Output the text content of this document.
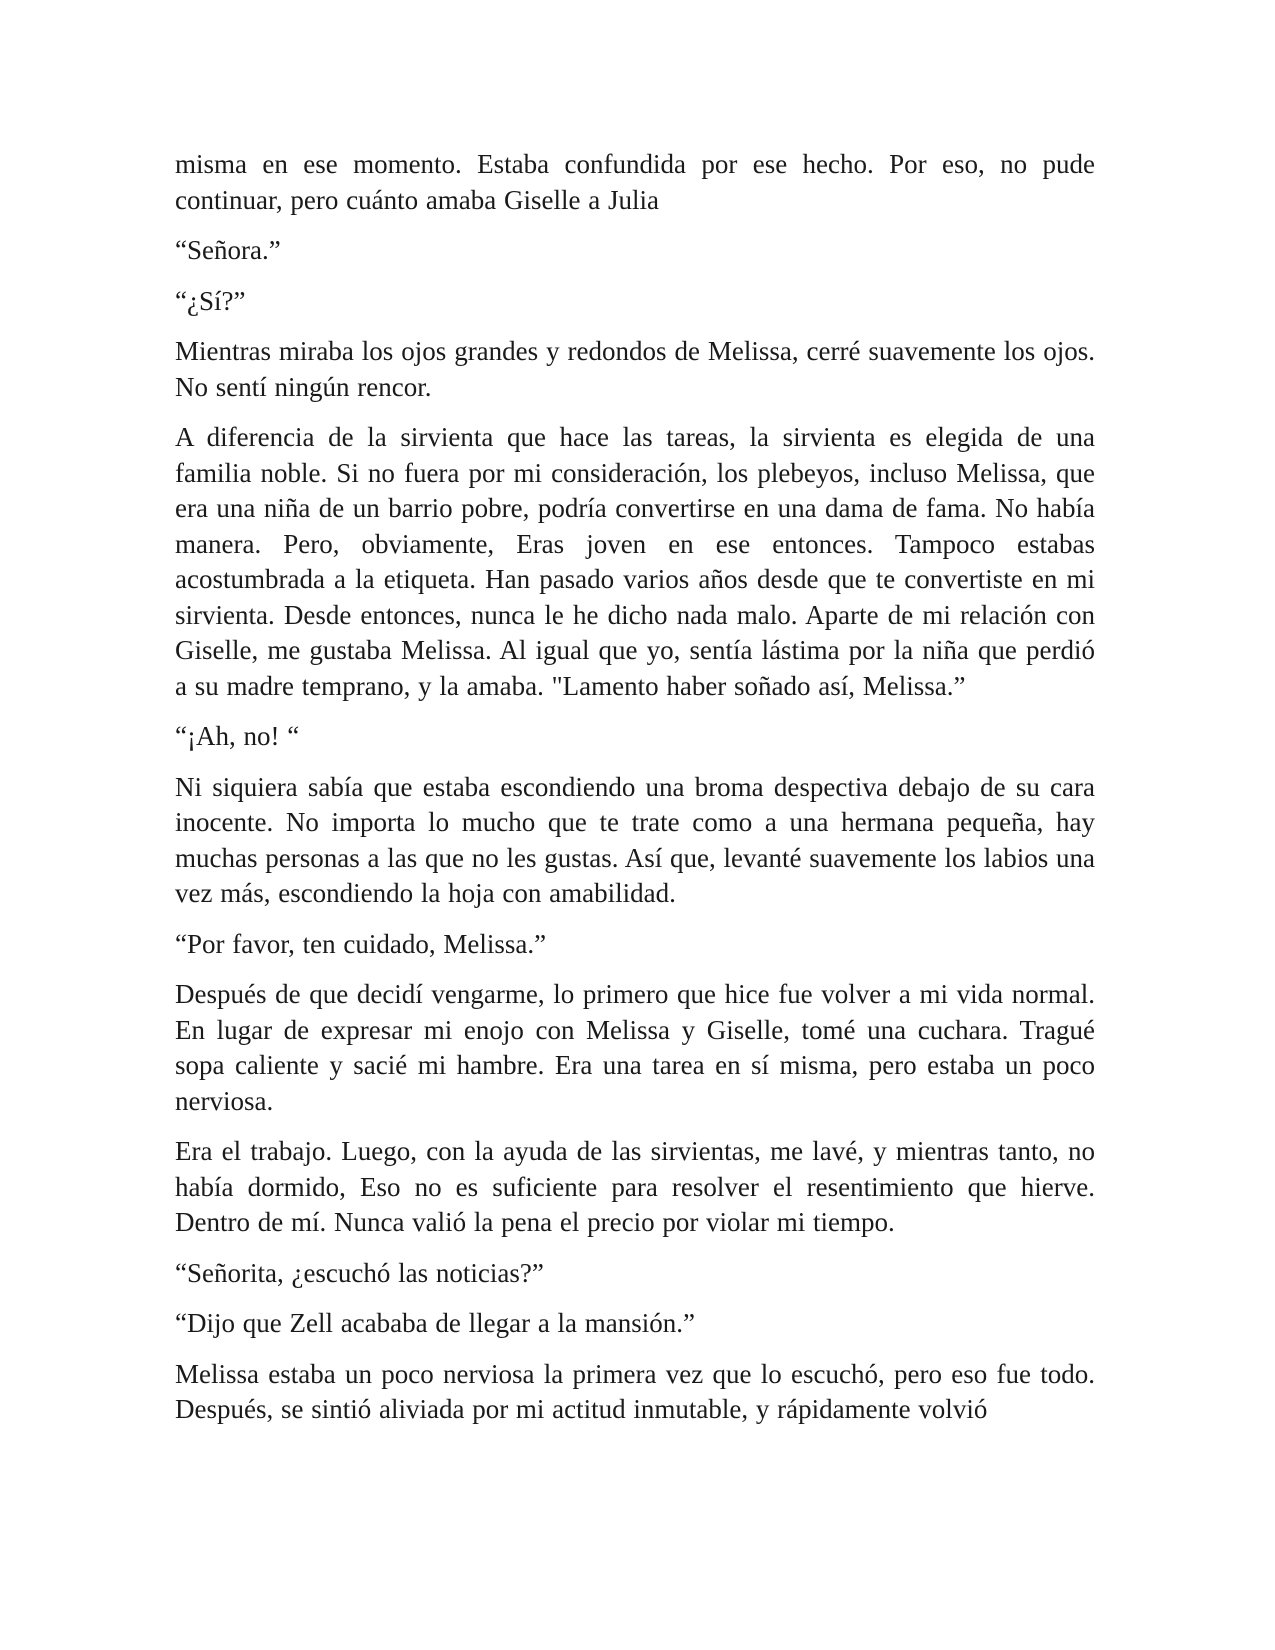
misma en ese momento. Estaba confundida por ese hecho. Por eso, no pude continuar, pero cuánto amaba Giselle a Julia

“Señora.”

“¿Sí?”

Mientras miraba los ojos grandes y redondos de Melissa, cerré suavemente los ojos. No sentí ningún rencor.

A diferencia de la sirvienta que hace las tareas, la sirvienta es elegida de una familia noble. Si no fuera por mi consideración, los plebeyos, incluso Melissa, que era una niña de un barrio pobre, podría convertirse en una dama de fama. No había manera. Pero, obviamente, Eras joven en ese entonces. Tampoco estabas acostumbrada a la etiqueta. Han pasado varios años desde que te convertiste en mi sirvienta. Desde entonces, nunca le he dicho nada malo. Aparte de mi relación con Giselle, me gustaba Melissa. Al igual que yo, sentía lástima por la niña que perdió a su madre temprano, y la amaba. "Lamento haber soñado así, Melissa.”

“¡Ah, no! “

Ni siquiera sabía que estaba escondiendo una broma despectiva debajo de su cara inocente. No importa lo mucho que te trate como a una hermana pequeña, hay muchas personas a las que no les gustas. Así que, levanté suavemente los labios una vez más, escondiendo la hoja con amabilidad.

“Por favor, ten cuidado, Melissa.”

Después de que decidí vengarme, lo primero que hice fue volver a mi vida normal. En lugar de expresar mi enojo con Melissa y Giselle, tomé una cuchara. Tragué sopa caliente y sacié mi hambre. Era una tarea en sí misma, pero estaba un poco nerviosa.

Era el trabajo. Luego, con la ayuda de las sirvientas, me lavé, y mientras tanto, no había dormido, Eso no es suficiente para resolver el resentimiento que hierve. Dentro de mí. Nunca valió la pena el precio por violar mi tiempo.

“Señorita, ¿escuchó las noticias?”

“Dijo que Zell acababa de llegar a la mansión.”

Melissa estaba un poco nerviosa la primera vez que lo escuchó, pero eso fue todo. Después, se sintió aliviada por mi actitud inmutable, y rápidamente volvió
